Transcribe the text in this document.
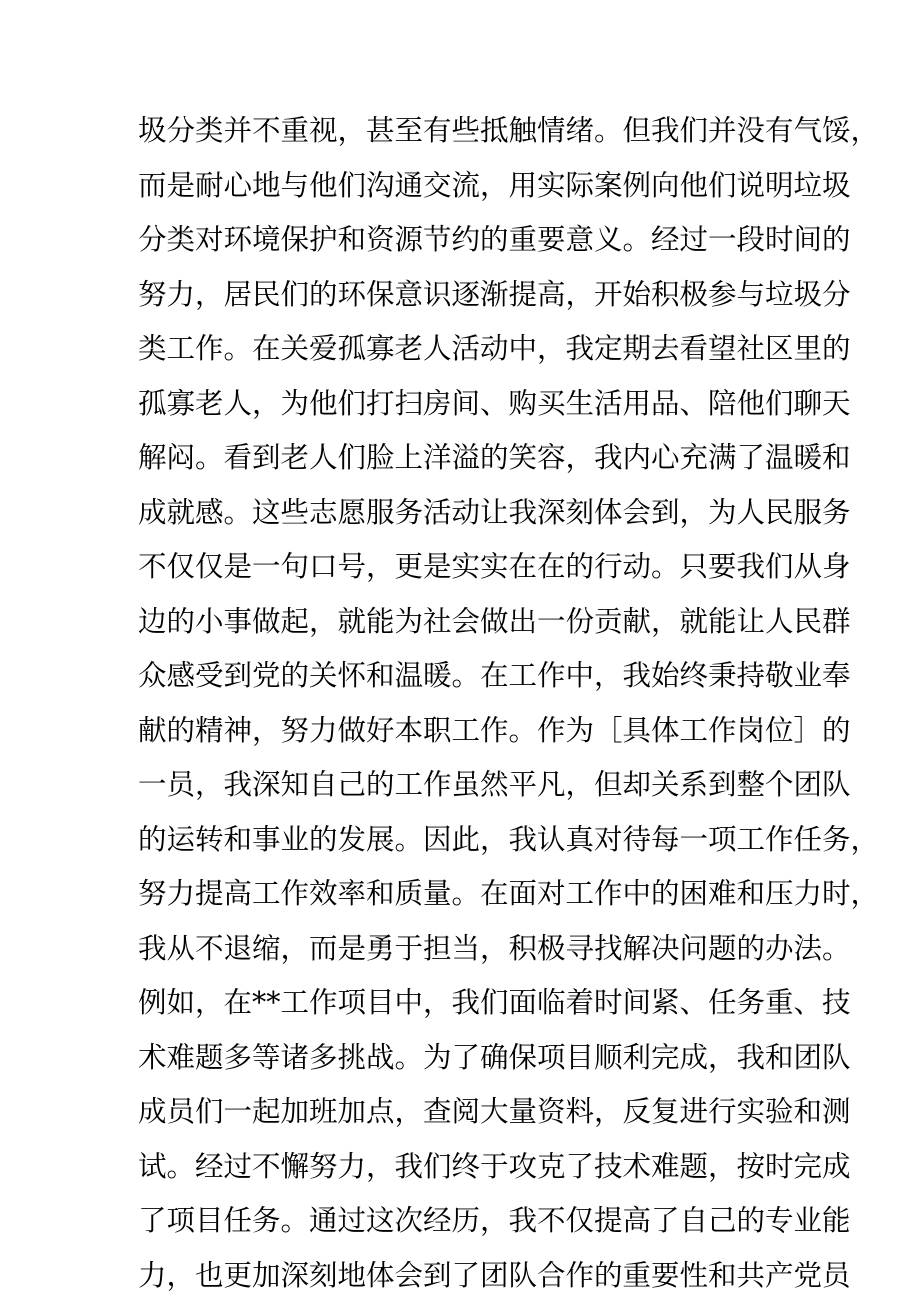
圾分类并不重视，甚至有些抵触情绪。但我们并没有气馁，
而是耐心地与他们沟通交流，用实际案例向他们说明垃圾
分类对环境保护和资源节约的重要意义。经过一段时间的
努力，居民们的环保意识逐渐提高，开始积极参与垃圾分
类工作。在关爱孤寡老人活动中，我定期去看望社区里的
孤寡老人，为他们打扫房间、购买生活用品、陪他们聊天
解闷。看到老人们脸上洋溢的笑容，我内心充满了温暖和
成就感。这些志愿服务活动让我深刻体会到，为人民服务
不仅仅是一句口号，更是实实在在的行动。只要我们从身
边的小事做起，就能为社会做出一份贡献，就能让人民群
众感受到党的关怀和温暖。在工作中，我始终秉持敬业奉
献的精神，努力做好本职工作。作为［具体工作岗位］的
一员，我深知自己的工作虽然平凡，但却关系到整个团队
的运转和事业的发展。因此，我认真对待每一项工作任务，
努力提高工作效率和质量。在面对工作中的困难和压力时，
我从不退缩，而是勇于担当，积极寻找解决问题的办法。
例如，在**工作项目中，我们面临着时间紧、任务重、技
术难题多等诸多挑战。为了确保项目顺利完成，我和团队
成员们一起加班加点，查阅大量资料，反复进行实验和测
试。经过不懈努力，我们终于攻克了技术难题，按时完成
了项目任务。通过这次经历，我不仅提高了自己的专业能
力，也更加深刻地体会到了团队合作的重要性和共产党员
